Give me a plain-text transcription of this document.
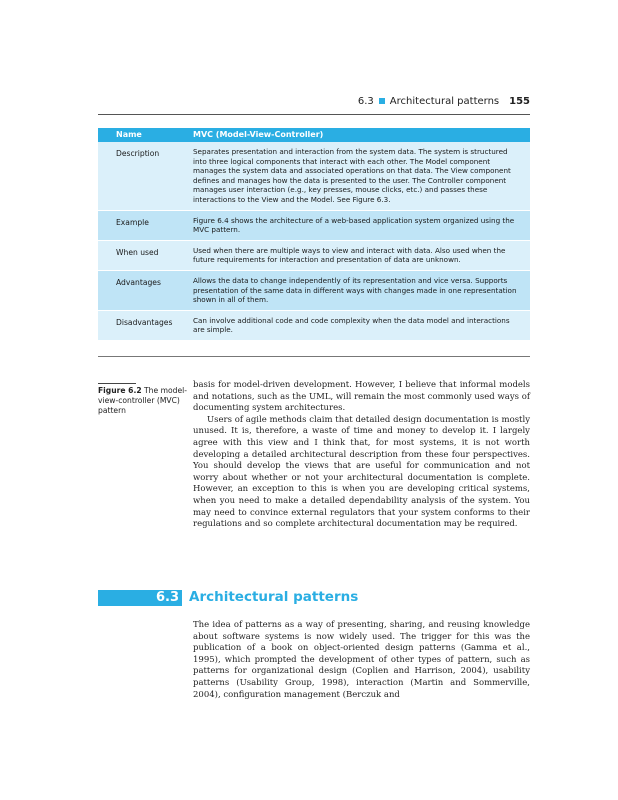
6.3 Architectural patterns 155
Name	MVC (Model-View-Controller)
Description	Separates presentation and interaction from the system data. The system is structured into three logical components that interact with each other. The Model component manages the system data and associated operations on that data. The View component defines and manages how the data is presented to the user. The Controller component manages user interaction (e.g., key presses, mouse clicks, etc.) and passes these interactions to the View and the Model. See Figure 6.3.
Example	Figure 6.4 shows the architecture of a web-based application system organized using the MVC pattern.
When used	Used when there are multiple ways to view and interact with data. Also used when the future requirements for interaction and presentation of data are unknown.
Advantages	Allows the data to change independently of its representation and vice versa. Supports presentation of the same data in different ways with changes made in one representation shown in all of them.
Disadvantages	Can involve additional code and code complexity when the data model and interactions are simple.
Figure 6.2 The model-view-controller (MVC) pattern

basis for model-driven development. However, I believe that informal models and notations, such as the UML, will remain the most commonly used ways of documenting system architectures.

Users of agile methods claim that detailed design documentation is mostly unused. It is, therefore, a waste of time and money to develop it. I largely agree with this view and I think that, for most systems, it is not worth developing a detailed architectural description from these four perspectives. You should develop the views that are useful for communication and not worry about whether or not your architectural documentation is complete. However, an exception to this is when you are developing critical systems, when you need to make a detailed dependability analysis of the system. You may need to convince external regulators that your system conforms to their regulations and so complete architectural documentation may be required.

6.3 Architectural patterns

The idea of patterns as a way of presenting, sharing, and reusing knowledge about software systems is now widely used. The trigger for this was the publication of a book on object-oriented design patterns (Gamma et al., 1995), which prompted the development of other types of pattern, such as patterns for organizational design (Coplien and Harrison, 2004), usability patterns (Usability Group, 1998), interaction (Martin and Sommerville, 2004), configuration management (Berczuk and
